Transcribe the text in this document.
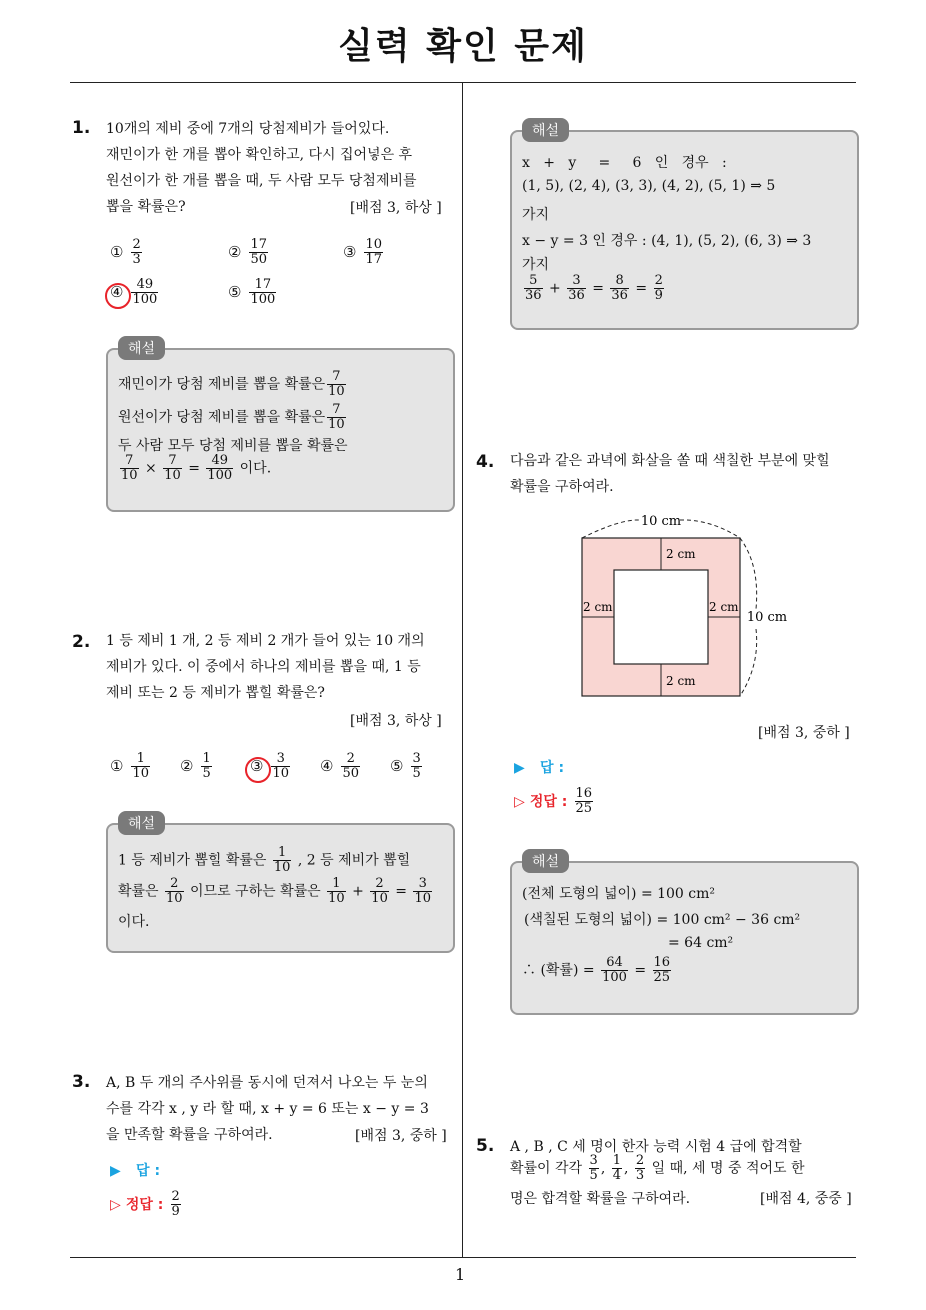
실력 확인 문제
1
1. 10개의 제비 중에 7개의 당첨제비가 들어있다.
재민이가 한 개를 뽑아 확인하고, 다시 집어넣은 후
원선이가 한 개를 뽑을 때, 두 사람 모두 당첨제비를
뽑을 확률은?	[배점 3, 하상 ]
① $\frac{2}{3}$	② $\frac{17}{50}$	③ $\frac{10}{17}$
④ $\frac{49}{100}$	⑤ $\frac{17}{100}$
해설
재민이가 당첨 제비를 뽑을 확률은 $\frac{7}{10}$
원선이가 당첨 제비를 뽑을 확률은 $\frac{7}{10}$
두 사람 모두 당첨 제비를 뽑을 확률은
$\frac{7}{10} \times \frac{7}{10} = \frac{49}{100}$ 이다.
2. 1 등 제비 1 개, 2 등 제비 2 개가 들어 있는 10 개의
제비가 있다. 이 중에서 하나의 제비를 뽑을 때, 1 등
제비 또는 2 등 제비가 뽑힐 확률은?
[배점 3, 하상 ]
① $\frac{1}{10}$ ② $\frac{1}{5}$	③ $\frac{3}{10}$ ④ $\frac{2}{50}$ ⑤ $\frac{3}{5}$
해설
1 등 제비가 뽑힐 확률은 $\frac{1}{10}$ , 2 등 제비가 뽑힐
확률은 $\frac{2}{10}$ 이므로 구하는 확률은 $\frac{1}{10} + \frac{2}{10} = \frac{3}{10}$
이다.
3. A, B 두 개의 주사위를 동시에 던져서 나오는 두 눈의
수를 각각 x , y 라 할 때, x + y = 6 또는 x − y = 3
을 만족할 확률을 구하여라.	[배점 3, 중하 ]
▶ 답 :
▷ 정답 : $\frac{2}{9}$
해설
x   +   y     =     6   인   경우   :
(1, 5), (2, 4), (3, 3), (4, 2), (5, 1) ⇒ 5
가지
x − y = 3 인 경우 : (4, 1), (5, 2), (6, 3) ⇒ 3
가지
$\frac{5}{36} + \frac{3}{36} = \frac{8}{36} = \frac{2}{9}$
4. 다음과 같은 과녁에 화살을 쏠 때 색칠한 부분에 맞힐
확률을 구하여라.
10 cm
10 cm
2 cm
2 cm
2 cm	2 cm
[배점 3, 중하 ]
▶ 답 :
▷ 정답 : $\frac{16}{25}$
해설
(전체 도형의 넓이) = 100 cm²
(색칠된 도형의 넓이) = 100 cm² − 36 cm²
= 64 cm²
∴ (확률) = $\frac{64}{100} = \frac{16}{25}$
5. A , B , C 세 명이 한자 능력 시험 4 급에 합격할
확률이 각각 $\frac{3}{5}$ , $\frac{1}{4}$ , $\frac{2}{3}$ 일 때, 세 명 중 적어도 한
명은 합격할 확률을 구하여라.	[배점 4, 중중 ]
